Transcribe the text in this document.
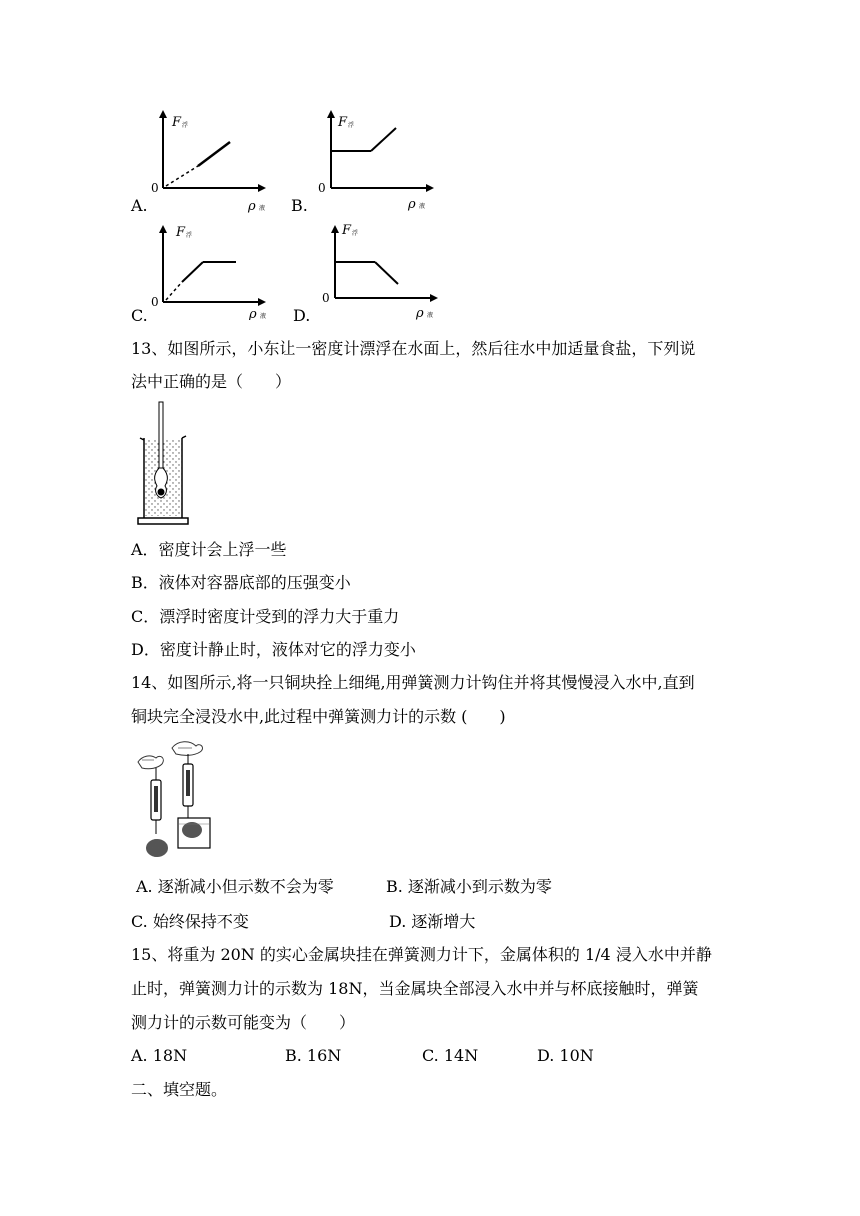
F 浮
0
ρ 液
A.
F 浮
0
ρ 液
B.
F 浮
0
ρ 液
C.
F 浮
0
ρ 液
D.
13、如图所示，小东让一密度计漂浮在水面上，然后往水中加适量食盐，下列说
法中正确的是（　　）
A．密度计会上浮一些
B．液体对容器底部的压强变小
C．漂浮时密度计受到的浮力大于重力
D．密度计静止时，液体对它的浮力变小
14、如图所示,将一只铜块拴上细绳,用弹簧测力计钩住并将其慢慢浸入水中,直到
铜块完全浸没水中,此过程中弹簧测力计的示数 (　　)
A. 逐渐减小但示数不会为零	B. 逐渐减小到示数为零
C. 始终保持不变	D. 逐渐增大
15、将重为 20N 的实心金属块挂在弹簧测力计下，金属体积的 1/4 浸入水中并静
止时，弹簧测力计的示数为 18N，当金属块全部浸入水中并与杯底接触时，弹簧
测力计的示数可能变为（　　）
A. 18N	B. 16N	C. 14N	D. 10N
二、填空题。
